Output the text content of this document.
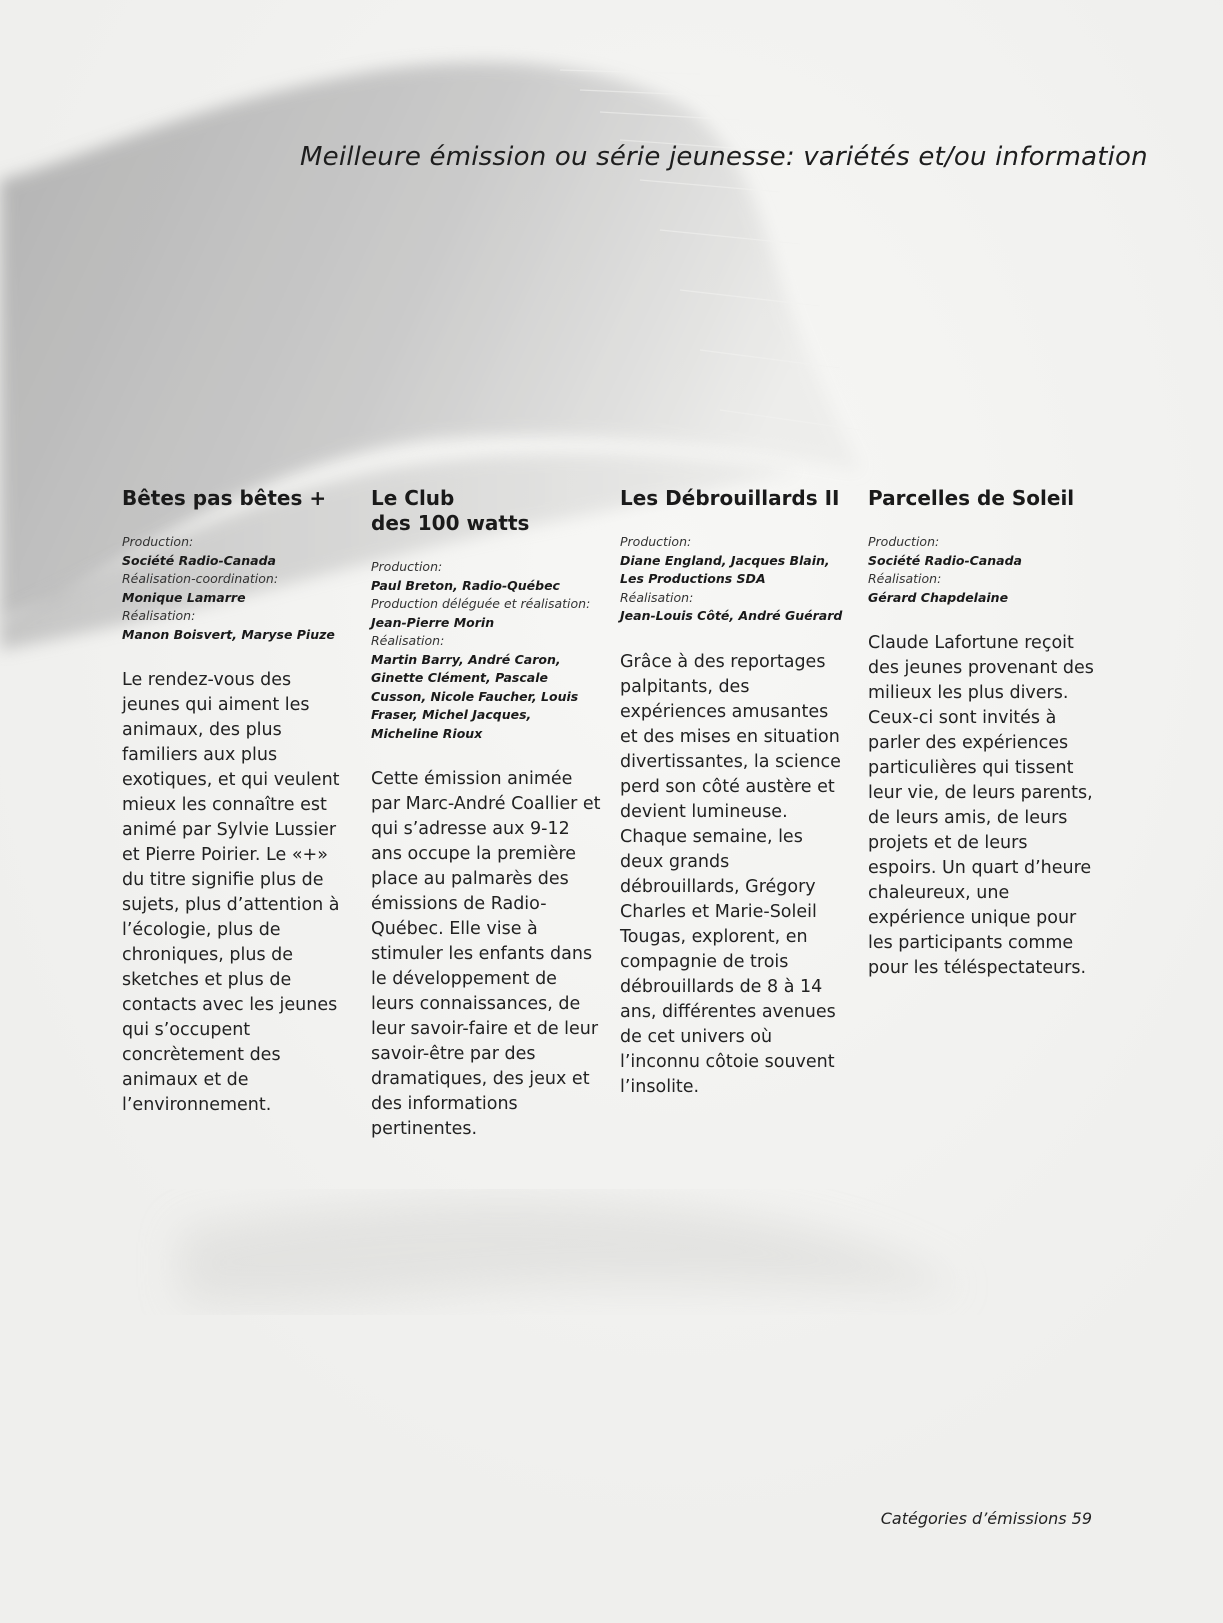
Meilleure émission ou série jeunesse: variétés et/ou information
Bêtes pas bêtes +

Production:
Société Radio-Canada

Réalisation-coordination:
Monique Lamarre

Réalisation:
Manon Boisvert, Maryse Piuze

Le rendez-vous des jeunes qui aiment les animaux, des plus familiers aux plus exotiques, et qui veulent mieux les connaître est animé par Sylvie Lussier et Pierre Poirier. Le «+» du titre signifie plus de sujets, plus d’attention à l’écologie, plus de chroniques, plus de sketches et plus de contacts avec les jeunes qui s’occupent concrètement des animaux et de l’environnement.

Le Club
des 100 watts

Production:
Paul Breton, Radio-Québec

Production déléguée et réalisation:
Jean-Pierre Morin

Réalisation:
Martin Barry, André Caron, Ginette Clément, Pascale Cusson, Nicole Faucher, Louis Fraser, Michel Jacques, Micheline Rioux

Cette émission animée par Marc-André Coallier et qui s’adresse aux 9-12 ans occupe la première place au palmarès des émissions de Radio-Québec. Elle vise à stimuler les enfants dans le développement de leurs connaissances, de leur savoir-faire et de leur savoir-être par des dramatiques, des jeux et des informations pertinentes.

Les Débrouillards II

Production:
Diane England, Jacques Blain, Les Productions SDA

Réalisation:
Jean-Louis Côté, André Guérard

Grâce à des reportages palpitants, des expériences amusantes et des mises en situation divertissantes, la science perd son côté austère et devient lumineuse. Chaque semaine, les deux grands débrouillards, Grégory Charles et Marie-Soleil Tougas, explorent, en compagnie de trois débrouillards de 8 à 14 ans, différentes avenues de cet univers où l’inconnu côtoie souvent l’insolite.

Parcelles de Soleil

Production:
Société Radio-Canada

Réalisation:
Gérard Chapdelaine

Claude Lafortune reçoit des jeunes provenant des milieux les plus divers. Ceux-ci sont invités à parler des expériences particulières qui tissent leur vie, de leurs parents, de leurs amis, de leurs projets et de leurs espoirs. Un quart d’heure chaleureux, une expérience unique pour les participants comme pour les téléspectateurs.

Catégories d’émissions 59
